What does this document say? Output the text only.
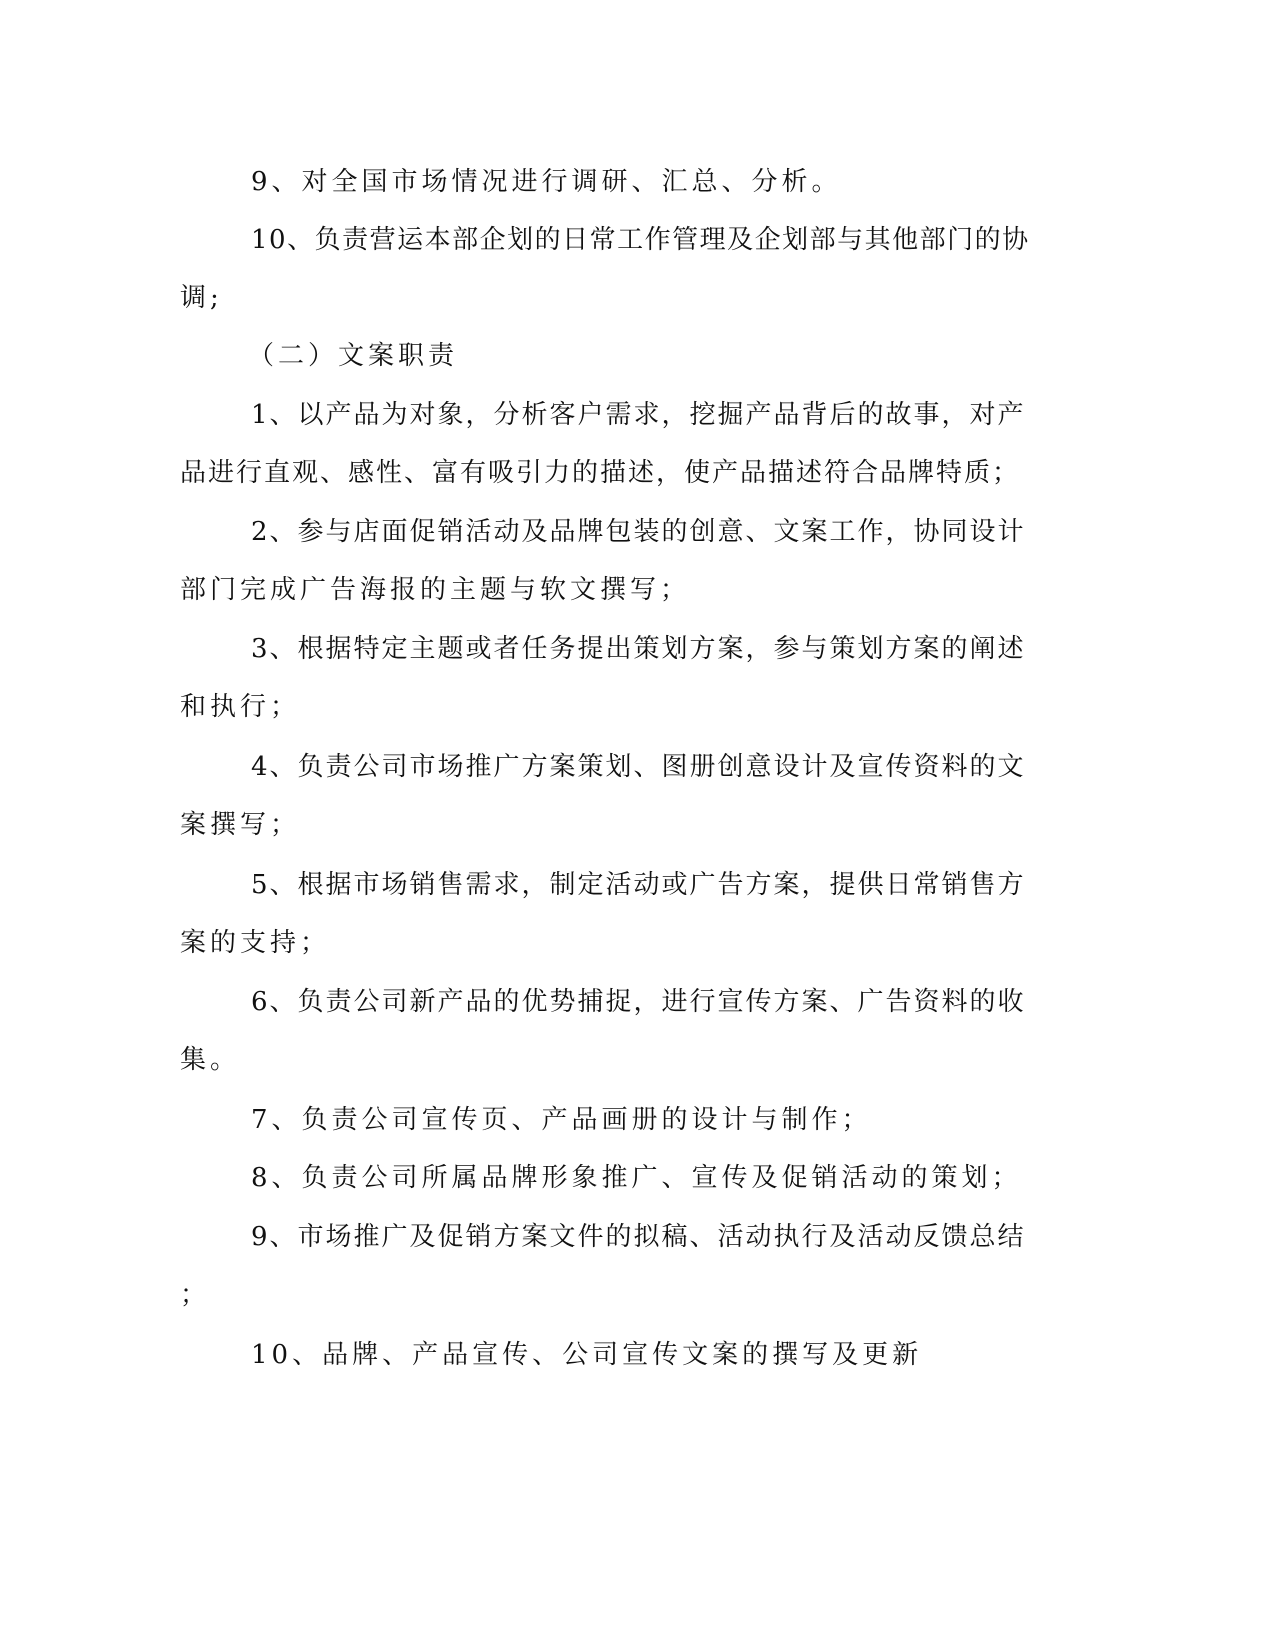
9、对全国市场情况进行调研、汇总、分析。
10、负责营运本部企划的日常工作管理及企划部与其他部门的协
调;
（二）文案职责
1、以产品为对象，分析客户需求，挖掘产品背后的故事，对产
品进行直观、感性、富有吸引力的描述，使产品描述符合品牌特质；
2、参与店面促销活动及品牌包装的创意、文案工作，协同设计
部门完成广告海报的主题与软文撰写；
3、根据特定主题或者任务提出策划方案，参与策划方案的阐述
和执行；
4、负责公司市场推广方案策划、图册创意设计及宣传资料的文
案撰写；
5、根据市场销售需求，制定活动或广告方案，提供日常销售方
案的支持；
6、负责公司新产品的优势捕捉，进行宣传方案、广告资料的收
集。
7、负责公司宣传页、产品画册的设计与制作；
8、负责公司所属品牌形象推广、宣传及促销活动的策划；
9、市场推广及促销方案文件的拟稿、活动执行及活动反馈总结
；
10、品牌、产品宣传、公司宣传文案的撰写及更新
